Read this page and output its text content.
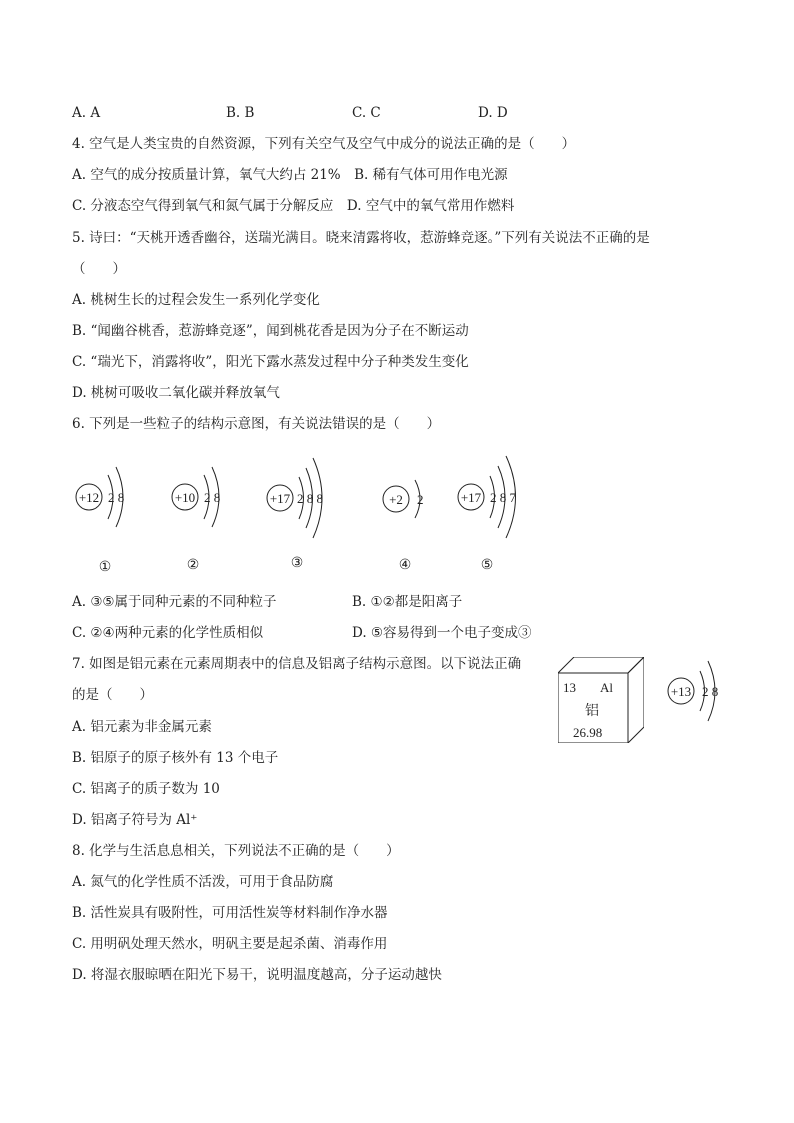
A. A	B. B	C. C	D. D
4. 空气是人类宝贵的自然资源，下列有关空气及空气中成分的说法正确的是（　　）
A. 空气的成分按质量计算，氧气大约占 21%　B. 稀有气体可用作电光源
C. 分液态空气得到氧气和氮气属于分解反应　D. 空气中的氧气常用作燃料
5. 诗曰：“天桃开透香幽谷，送瑞光满目。晓来清露将收，惹游蜂竞逐。”下列有关说法不正确的是
（　　）
A. 桃树生长的过程会发生一系列化学变化
B. “闻幽谷桃香，惹游蜂竞逐”，闻到桃花香是因为分子在不断运动
C. “瑞光下，消露将收”，阳光下露水蒸发过程中分子种类发生变化
D. 桃树可吸收二氧化碳并释放氧气
6. 下列是一些粒子的结构示意图，有关说法错误的是（　　）
+12 2 8
①
+10 2 8
②
+17 2 8 8
③
+2 2
④
+17 2 8 7
⑤
A. ③⑤属于同种元素的不同种粒子	B. ①②都是阳离子
C. ②④两种元素的化学性质相似	D. ⑤容易得到一个电子变成③
7. 如图是铝元素在元素周期表中的信息及铝离子结构示意图。以下说法正确
的是（　　）
A. 铝元素为非金属元素
B. 铝原子的原子核外有 13 个电子
C. 铝离子的质子数为 10
D. 铝离子符号为 Al⁺
13 Al
铝
26.98
+13 2 8
8. 化学与生活息息相关，下列说法不正确的是（　　）
A. 氮气的化学性质不活泼，可用于食品防腐
B. 活性炭具有吸附性，可用活性炭等材料制作净水器
C. 用明矾处理天然水，明矾主要是起杀菌、消毒作用
D. 将湿衣服晾晒在阳光下易干，说明温度越高，分子运动越快
